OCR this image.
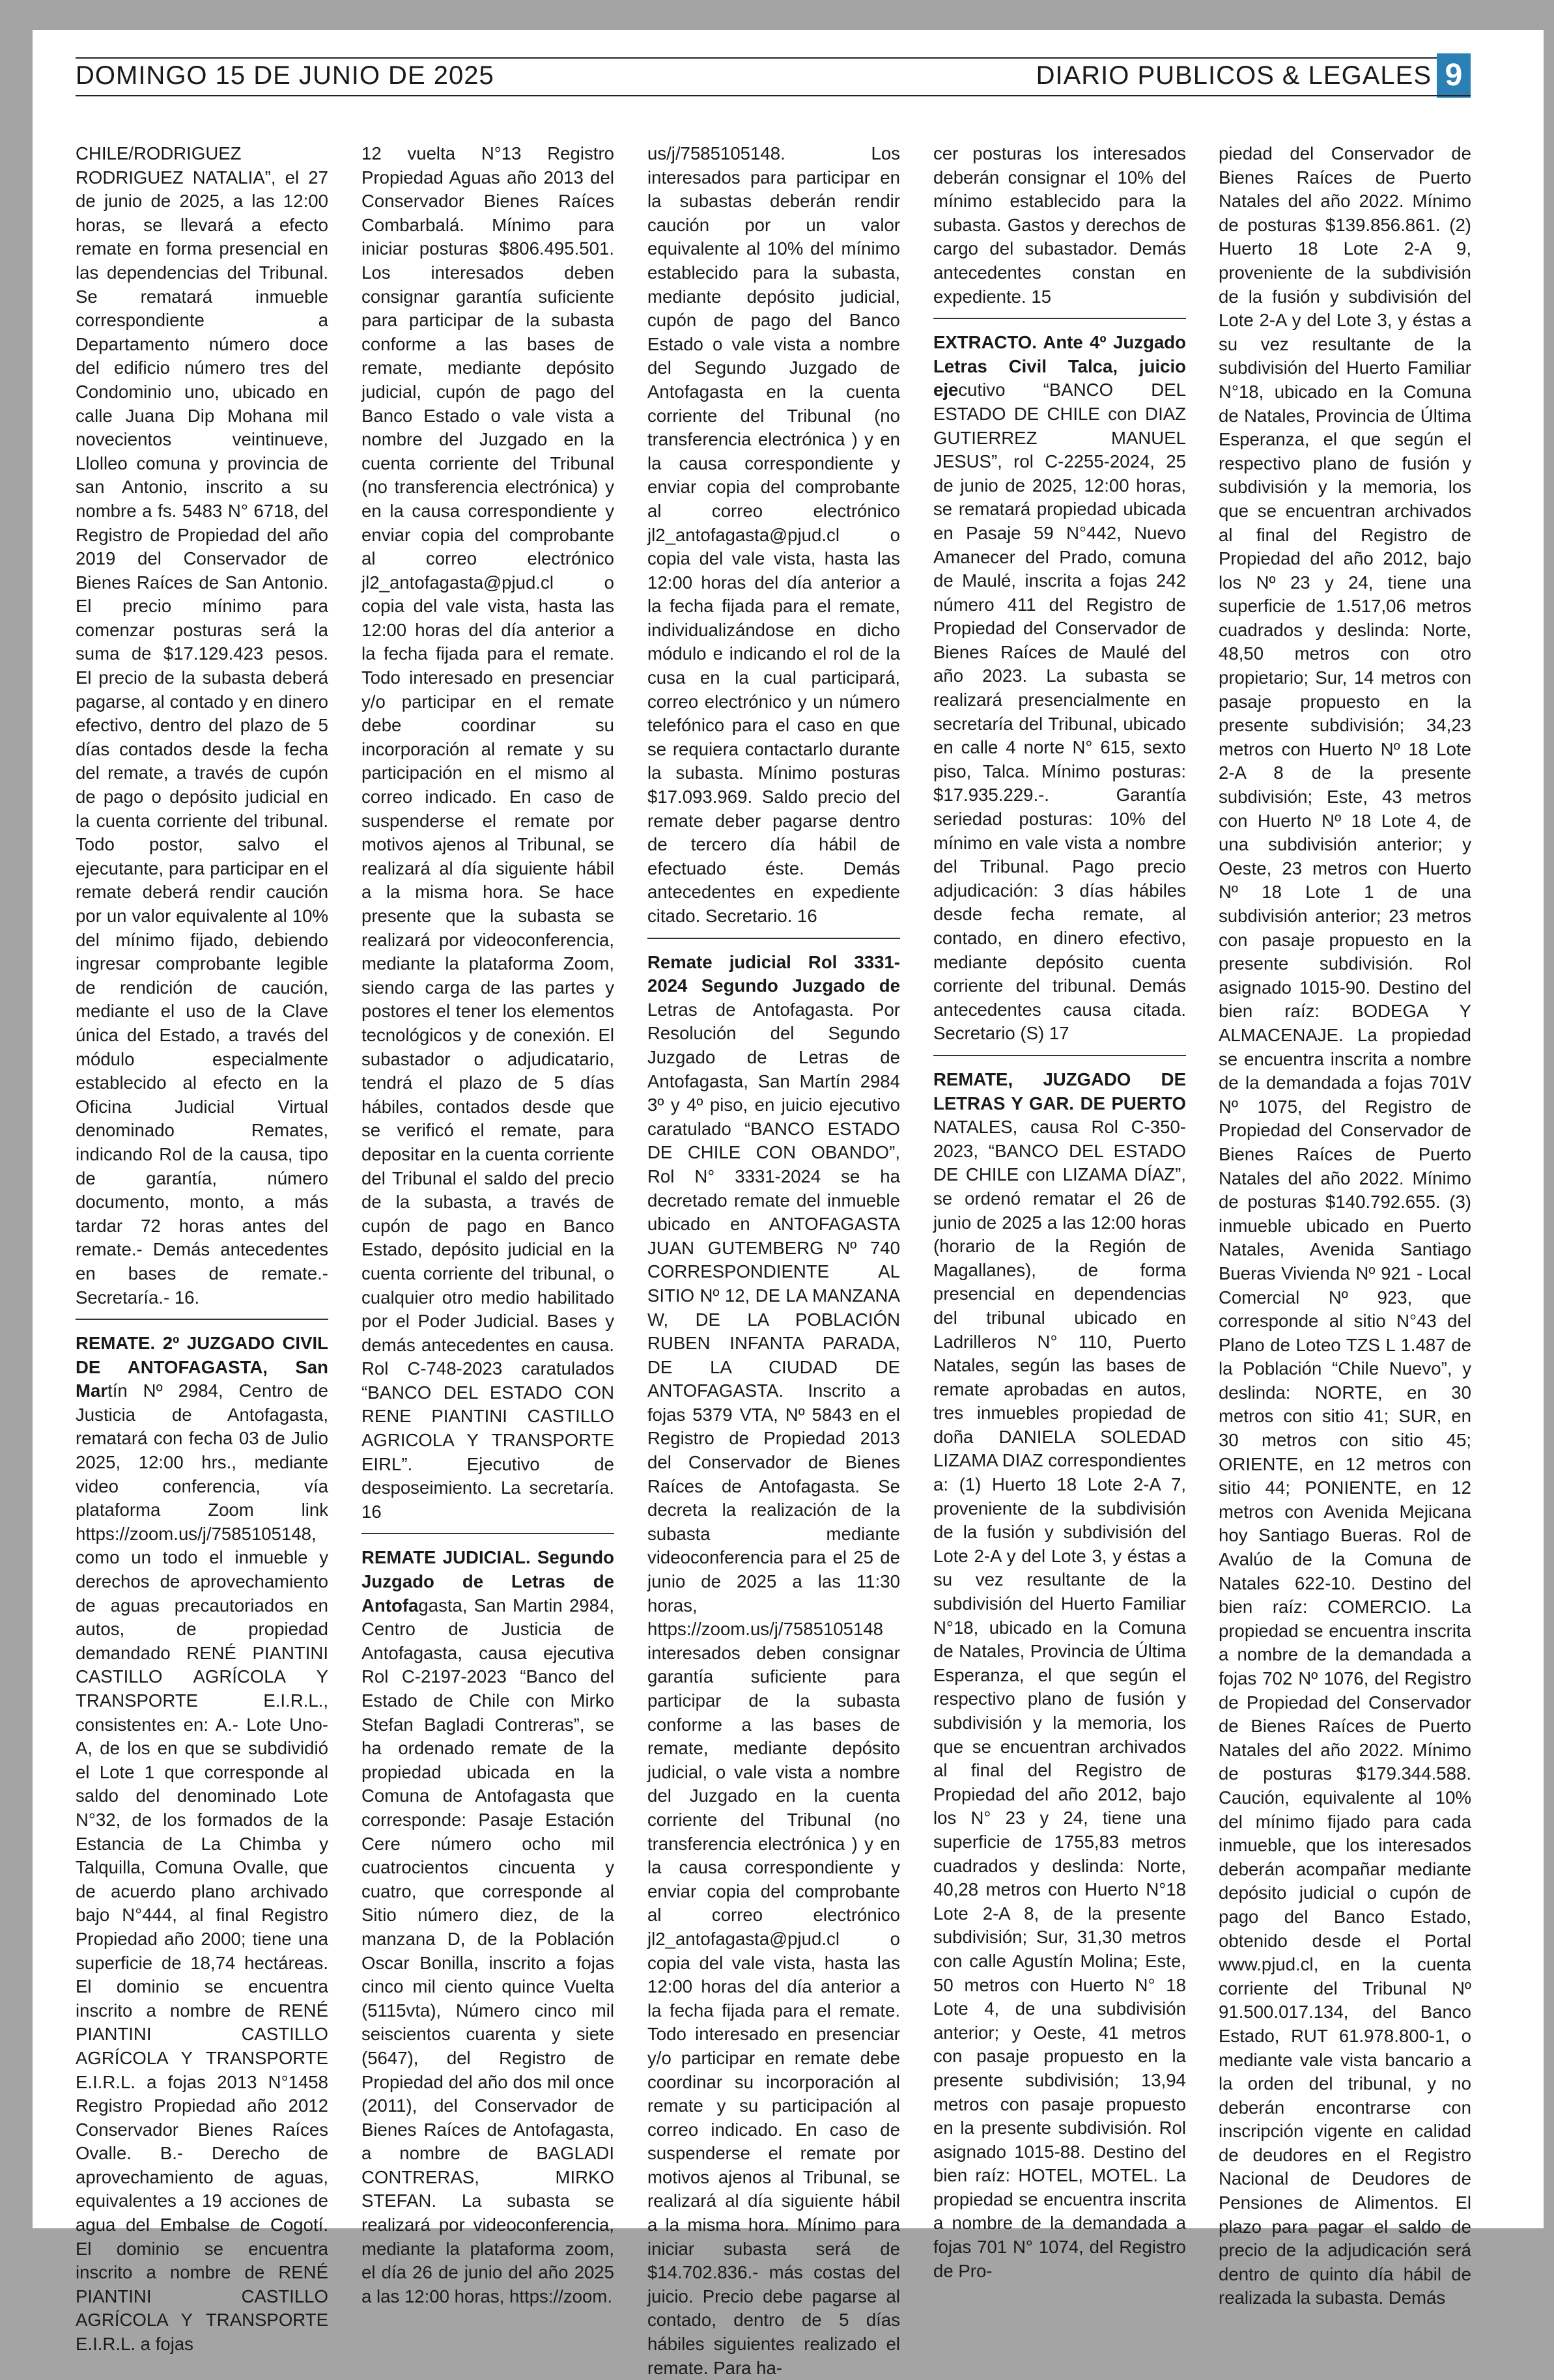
DOMINGO 15 DE JUNIO DE 2025	DIARIO PUBLICOS & LEGALES 9

CHILE/RODRIGUEZ RODRIGUEZ NATALIA”, el 27 de junio de 2025, a las 12:00 horas, se llevará a efecto remate en forma presencial en las dependencias del Tribunal. Se rematará inmueble correspondiente a Departamento número doce del edificio número tres del Condominio uno, ubicado en calle Juana Dip Mohana mil novecientos veintinueve, Llolleo comuna y provincia de san Antonio, inscrito a su nombre a fs. 5483 N° 6718, del Registro de Propiedad del año 2019 del Conservador de Bienes Raíces de San Antonio. El precio mínimo para comenzar posturas será la suma de $17.129.423 pesos. El precio de la subasta deberá pagarse, al contado y en dinero efectivo, dentro del plazo de 5 días contados desde la fecha del remate, a través de cupón de pago o depósito judicial en la cuenta corriente del tribunal. Todo postor, salvo el ejecutante, para participar en el remate deberá rendir caución por un valor equivalente al 10% del mínimo fijado, debiendo ingresar comprobante legible de rendición de caución, mediante el uso de la Clave única del Estado, a través del módulo especialmente establecido al efecto en la Oficina Judicial Virtual denominado Remates, indicando Rol de la causa, tipo de garantía, número documento, monto, a más tardar 72 horas antes del remate.- Demás antecedentes en bases de remate.- Secretaría.- 16.

REMATE. 2º JUZGADO CIVIL DE ANTOFAGASTA, San Martín Nº 2984, Centro de Justicia de Antofagasta, rematará con fecha 03 de Julio 2025, 12:00 hrs., mediante video conferencia, vía plataforma Zoom link https://zoom.us/j/7585105148, como un todo el inmueble y derechos de aprovechamiento de aguas precautoriados en autos, de propiedad demandado RENÉ PIANTINI CASTILLO AGRÍCOLA Y TRANSPORTE E.I.R.L., consistentes en: A.- Lote Uno-A, de los en que se subdividió el Lote 1 que corresponde al saldo del denominado Lote N°32, de los formados de la Estancia de La Chimba y Talquilla, Comuna Ovalle, que de acuerdo plano archivado bajo N°444, al final Registro Propiedad año 2000; tiene una superficie de 18,74 hectáreas. El dominio se encuentra inscrito a nombre de RENÉ PIANTINI CASTILLO AGRÍCOLA Y TRANSPORTE E.I.R.L. a fojas 2013 N°1458 Registro Propiedad año 2012 Conservador Bienes Raíces Ovalle. B.- Derecho de aprovechamiento de aguas, equivalentes a 19 acciones de agua del Embalse de Cogotí. El dominio se encuentra inscrito a nombre de RENÉ PIANTINI CASTILLO AGRÍCOLA Y TRANSPORTE E.I.R.L. a fojas

12 vuelta N°13 Registro Propiedad Aguas año 2013 del Conservador Bienes Raíces Combarbalá. Mínimo para iniciar posturas $806.495.501. Los interesados deben consignar garantía suficiente para participar de la subasta conforme a las bases de remate, mediante depósito judicial, cupón de pago del Banco Estado o vale vista a nombre del Juzgado en la cuenta corriente del Tribunal (no transferencia electrónica) y en la causa correspondiente y enviar copia del comprobante al correo electrónico jl2_antofagasta@pjud.cl o copia del vale vista, hasta las 12:00 horas del día anterior a la fecha fijada para el remate. Todo interesado en presenciar y/o participar en el remate debe coordinar su incorporación al remate y su participación en el mismo al correo indicado. En caso de suspenderse el remate por motivos ajenos al Tribunal, se realizará al día siguiente hábil a la misma hora. Se hace presente que la subasta se realizará por videoconferencia, mediante la plataforma Zoom, siendo carga de las partes y postores el tener los elementos tecnológicos y de conexión. El subastador o adjudicatario, tendrá el plazo de 5 días hábiles, contados desde que se verificó el remate, para depositar en la cuenta corriente del Tribunal el saldo del precio de la subasta, a través de cupón de pago en Banco Estado, depósito judicial en la cuenta corriente del tribunal, o cualquier otro medio habilitado por el Poder Judicial. Bases y demás antecedentes en causa. Rol C-748-2023 caratulados “BANCO DEL ESTADO CON RENE PIANTINI CASTILLO AGRICOLA Y TRANSPORTE EIRL”. Ejecutivo de desposeimiento. La secretaría. 16

REMATE JUDICIAL. Segundo Juzgado de Letras de Antofagasta, San Martin 2984, Centro de Justicia de Antofagasta, causa ejecutiva Rol C-2197-2023 “Banco del Estado de Chile con Mirko Stefan Bagladi Contreras”, se ha ordenado remate de la propiedad ubicada en la Comuna de Antofagasta que corresponde: Pasaje Estación Cere número ocho mil cuatrocientos cincuenta y cuatro, que corresponde al Sitio número diez, de la manzana D, de la Población Oscar Bonilla, inscrito a fojas cinco mil ciento quince Vuelta (5115vta), Número cinco mil seiscientos cuarenta y siete (5647), del Registro de Propiedad del año dos mil once (2011), del Conservador de Bienes Raíces de Antofagasta, a nombre de BAGLADI CONTRERAS, MIRKO STEFAN. La subasta se realizará por videoconferencia, mediante la plataforma zoom, el día 26 de junio del año 2025 a las 12:00 horas, https://zoom.

us/j/7585105148. Los interesados para participar en la subastas deberán rendir caución por un valor equivalente al 10% del mínimo establecido para la subasta, mediante depósito judicial, cupón de pago del Banco Estado o vale vista a nombre del Segundo Juzgado de Antofagasta en la cuenta corriente del Tribunal (no transferencia electrónica ) y en la causa correspondiente y enviar copia del comprobante al correo electrónico jl2_antofagasta@pjud.cl o copia del vale vista, hasta las 12:00 horas del día anterior a la fecha fijada para el remate, individualizándose en dicho módulo e indicando el rol de la cusa en la cual participará, correo electrónico y un número telefónico para el caso en que se requiera contactarlo durante la subasta. Mínimo posturas $17.093.969. Saldo precio del remate deber pagarse dentro de tercero día hábil de efectuado éste. Demás antecedentes en expediente citado. Secretario. 16

Remate judicial Rol 3331-2024 Segundo Juzgado de Letras de Antofagasta. Por Resolución del Segundo Juzgado de Letras de Antofagasta, San Martín 2984 3º y 4º piso, en juicio ejecutivo caratulado “BANCO ESTADO DE CHILE CON OBANDO”, Rol N° 3331-2024 se ha decretado remate del inmueble ubicado en ANTOFAGASTA JUAN GUTEMBERG Nº 740 CORRESPONDIENTE AL SITIO Nº 12, DE LA MANZANA W, DE LA POBLACIÓN RUBEN INFANTA PARADA, DE LA CIUDAD DE ANTOFAGASTA. Inscrito a fojas 5379 VTA, Nº 5843 en el Registro de Propiedad 2013 del Conservador de Bienes Raíces de Antofagasta. Se decreta la realización de la subasta mediante videoconferencia para el 25 de junio de 2025 a las 11:30 horas, https://zoom.us/j/7585105148 interesados deben consignar garantía suficiente para participar de la subasta conforme a las bases de remate, mediante depósito judicial, o vale vista a nombre del Juzgado en la cuenta corriente del Tribunal (no transferencia electrónica ) y en la causa correspondiente y enviar copia del comprobante al correo electrónico jl2_antofagasta@pjud.cl o copia del vale vista, hasta las 12:00 horas del día anterior a la fecha fijada para el remate. Todo interesado en presenciar y/o participar en remate debe coordinar su incorporación al remate y su participación al correo indicado. En caso de suspenderse el remate por motivos ajenos al Tribunal, se realizará al día siguiente hábil a la misma hora. Mínimo para iniciar subasta será de $14.702.836.- más costas del juicio. Precio debe pagarse al contado, dentro de 5 días hábiles siguientes realizado el remate. Para ha-

cer posturas los interesados deberán consignar el 10% del mínimo establecido para la subasta. Gastos y derechos de cargo del subastador. Demás antecedentes constan en expediente. 15

EXTRACTO. Ante 4º Juzgado Letras Civil Talca, juicio ejecutivo “BANCO DEL ESTADO DE CHILE con DIAZ GUTIERREZ MANUEL JESUS”, rol C-2255-2024, 25 de junio de 2025, 12:00 horas, se rematará propiedad ubicada en Pasaje 59 N°442, Nuevo Amanecer del Prado, comuna de Maulé, inscrita a fojas 242 número 411 del Registro de Propiedad del Conservador de Bienes Raíces de Maulé del año 2023. La subasta se realizará presencialmente en secretaría del Tribunal, ubicado en calle 4 norte N° 615, sexto piso, Talca. Mínimo posturas: $17.935.229.-. Garantía seriedad posturas: 10% del mínimo en vale vista a nombre del Tribunal. Pago precio adjudicación: 3 días hábiles desde fecha remate, al contado, en dinero efectivo, mediante depósito cuenta corriente del tribunal. Demás antecedentes causa citada. Secretario (S) 17

REMATE, JUZGADO DE LETRAS Y GAR. DE PUERTO NATALES, causa Rol C-350-2023, “BANCO DEL ESTADO DE CHILE con LIZAMA DÍAZ”, se ordenó rematar el 26 de junio de 2025 a las 12:00 horas (horario de la Región de Magallanes), de forma presencial en dependencias del tribunal ubicado en Ladrilleros N° 110, Puerto Natales, según las bases de remate aprobadas en autos, tres inmuebles propiedad de doña DANIELA SOLEDAD LIZAMA DIAZ correspondientes a: (1) Huerto 18 Lote 2-A 7, proveniente de la subdivisión de la fusión y subdivisión del Lote 2-A y del Lote 3, y éstas a su vez resultante de la subdivisión del Huerto Familiar N°18, ubicado en la Comuna de Natales, Provincia de Última Esperanza, el que según el respectivo plano de fusión y subdivisión y la memoria, los que se encuentran archivados al final del Registro de Propiedad del año 2012, bajo los N° 23 y 24, tiene una superficie de 1755,83 metros cuadrados y deslinda: Norte, 40,28 metros con Huerto N°18 Lote 2-A 8, de la presente subdivisión; Sur, 31,30 metros con calle Agustín Molina; Este, 50 metros con Huerto N° 18 Lote 4, de una subdivisión anterior; y Oeste, 41 metros con pasaje propuesto en la presente subdivisión; 13,94 metros con pasaje propuesto en la presente subdivisión. Rol asignado 1015-88. Destino del bien raíz: HOTEL, MOTEL. La propiedad se encuentra inscrita a nombre de la demandada a fojas 701 N° 1074, del Registro de Pro-

piedad del Conservador de Bienes Raíces de Puerto Natales del año 2022. Mínimo de posturas $139.856.861. (2) Huerto 18 Lote 2-A 9, proveniente de la subdivisión de la fusión y subdivisión del Lote 2-A y del Lote 3, y éstas a su vez resultante de la subdivisión del Huerto Familiar N°18, ubicado en la Comuna de Natales, Provincia de Última Esperanza, el que según el respectivo plano de fusión y subdivisión y la memoria, los que se encuentran archivados al final del Registro de Propiedad del año 2012, bajo los Nº 23 y 24, tiene una superficie de 1.517,06 metros cuadrados y deslinda: Norte, 48,50 metros con otro propietario; Sur, 14 metros con pasaje propuesto en la presente subdivisión; 34,23 metros con Huerto Nº 18 Lote 2-A 8 de la presente subdivisión; Este, 43 metros con Huerto Nº 18 Lote 4, de una subdivisión anterior; y Oeste, 23 metros con Huerto Nº 18 Lote 1 de una subdivisión anterior; 23 metros con pasaje propuesto en la presente subdivisión. Rol asignado 1015-90. Destino del bien raíz: BODEGA Y ALMACENAJE. La propiedad se encuentra inscrita a nombre de la demandada a fojas 701V Nº 1075, del Registro de Propiedad del Conservador de Bienes Raíces de Puerto Natales del año 2022. Mínimo de posturas $140.792.655. (3) inmueble ubicado en Puerto Natales, Avenida Santiago Bueras Vivienda Nº 921 - Local Comercial Nº 923, que corresponde al sitio N°43 del Plano de Loteo TZS L 1.487 de la Población “Chile Nuevo”, y deslinda: NORTE, en 30 metros con sitio 41; SUR, en 30 metros con sitio 45; ORIENTE, en 12 metros con sitio 44; PONIENTE, en 12 metros con Avenida Mejicana hoy Santiago Bueras. Rol de Avalúo de la Comuna de Natales 622-10. Destino del bien raíz: COMERCIO. La propiedad se encuentra inscrita a nombre de la demandada a fojas 702 Nº 1076, del Registro de Propiedad del Conservador de Bienes Raíces de Puerto Natales del año 2022. Mínimo de posturas $179.344.588. Caución, equivalente al 10% del mínimo fijado para cada inmueble, que los interesados deberán acompañar mediante depósito judicial o cupón de pago del Banco Estado, obtenido desde el Portal www.pjud.cl, en la cuenta corriente del Tribunal Nº 91.500.017.134, del Banco Estado, RUT 61.978.800-1, o mediante vale vista bancario a la orden del tribunal, y no deberán encontrarse con inscripción vigente en calidad de deudores en el Registro Nacional de Deudores de Pensiones de Alimentos. El plazo para pagar el saldo de precio de la adjudicación será dentro de quinto día hábil de realizada la subasta. Demás
